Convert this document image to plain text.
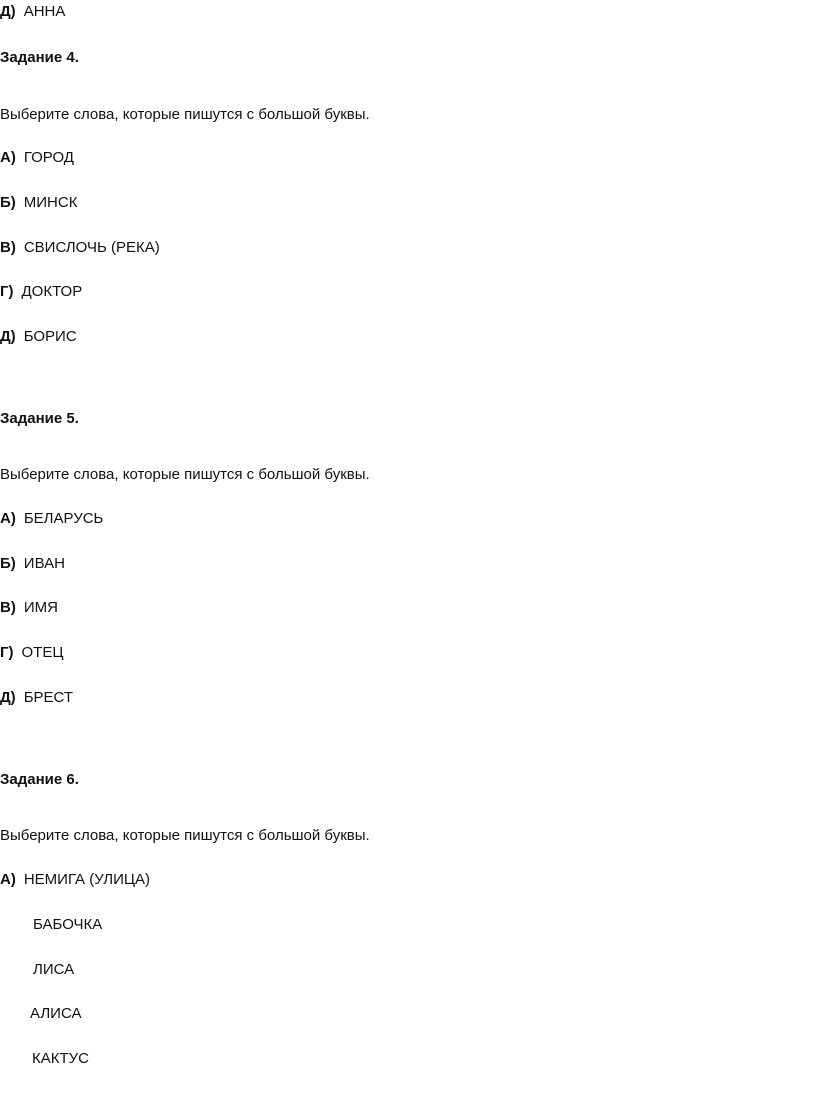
Д) АННА
Задание 4.
Выберите слова, которые пишутся с большой буквы.
А) ГОРОД
Б) МИНСК
В) СВИСЛОЧЬ (РЕКА)
Г) ДОКТОР
Д) БОРИС
Задание 5.
Выберите слова, которые пишутся с большой буквы.
А) БЕЛАРУСЬ
Б) ИВАН
В) ИМЯ
Г) ОТЕЦ
Д) БРЕСТ
Задание 6.
Выберите слова, которые пишутся с большой буквы.
А) НЕМИГА (УЛИЦА)
БАБОЧКА
ЛИСА
АЛИСА
КАКТУС
